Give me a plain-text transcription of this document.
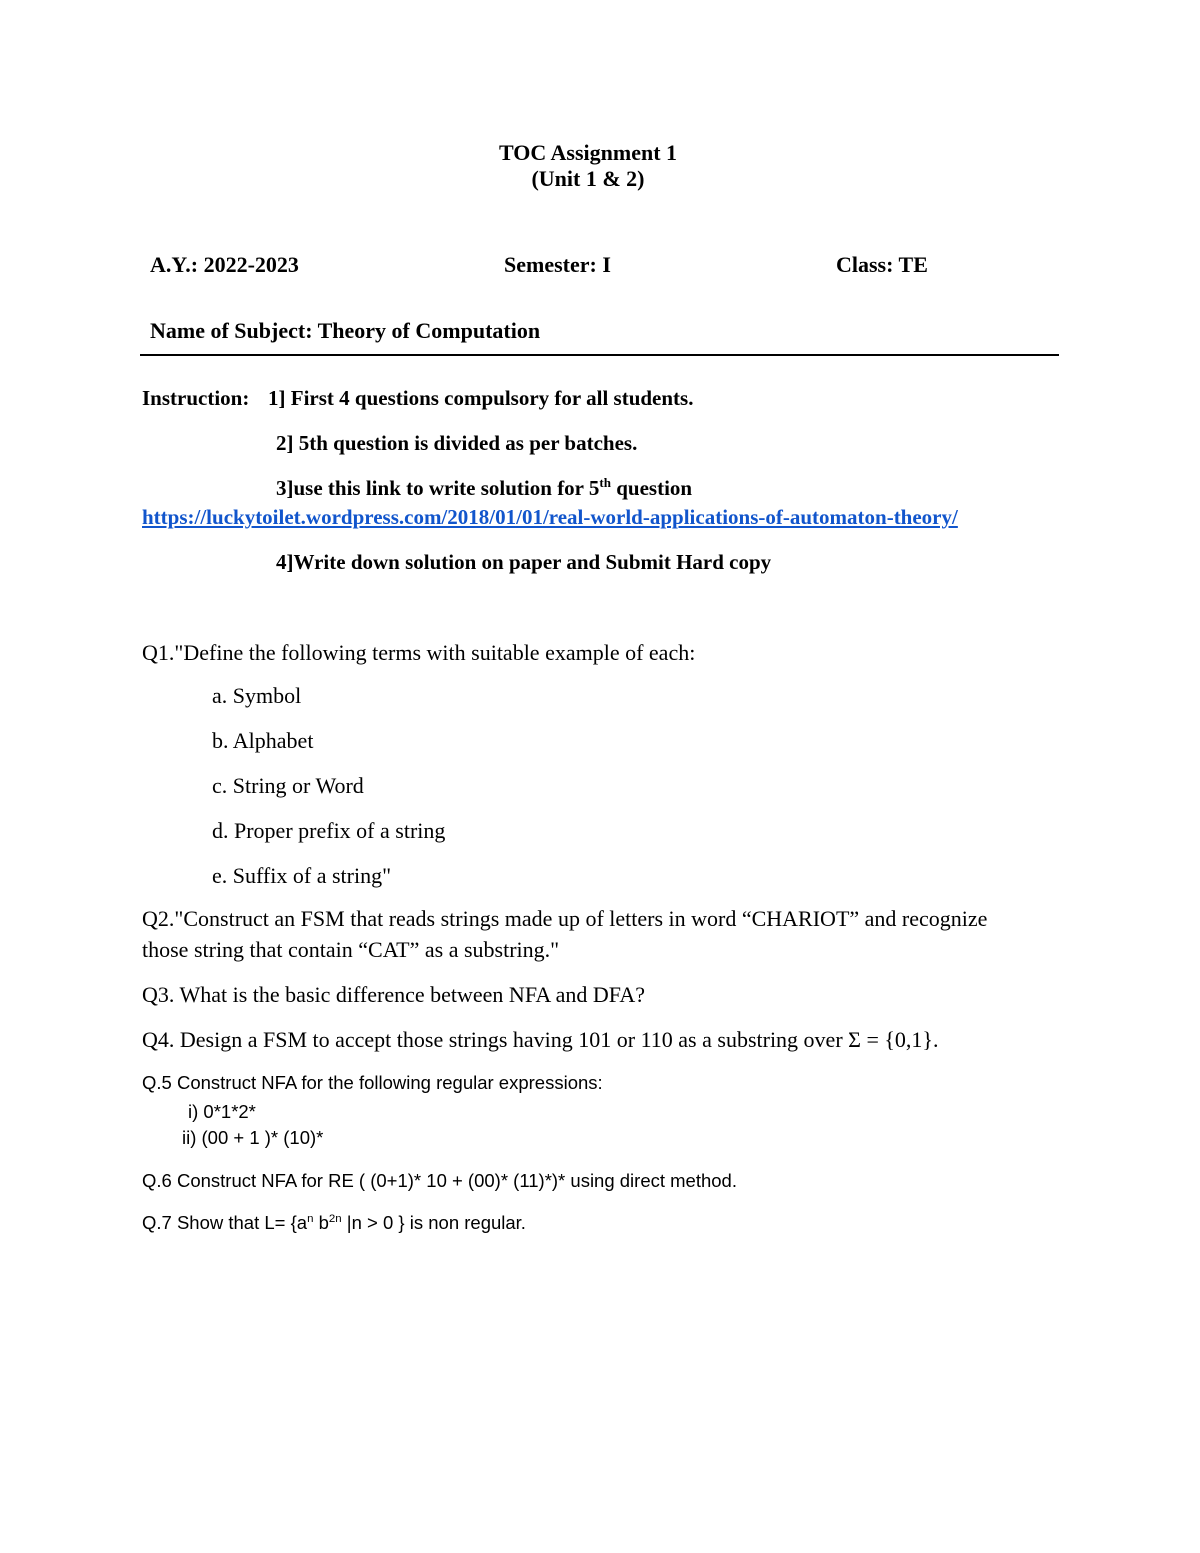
TOC Assignment 1
(Unit 1 & 2)
A.Y.: 2022-2023	Semester: I	Class: TE
Name of Subject: Theory of Computation
Instruction: 1] First 4 questions compulsory for all students.
2] 5th question is divided as per batches.
3]use this link to write solution for 5th question
https://luckytoilet.wordpress.com/2018/01/01/real-world-applications-of-automaton-theory/
4]Write down solution on paper and Submit Hard copy
Q1."Define the following terms with suitable example of each:
a. Symbol
b. Alphabet
c. String or Word
d. Proper prefix of a string
e. Suffix of a string"
Q2."Construct an FSM that reads strings made up of letters in word “CHARIOT” and recognize
those string that contain “CAT” as a substring."
Q3. What is the basic difference between NFA and DFA?
Q4. Design a FSM to accept those strings having 101 or 110 as a substring over Σ = {0,1}.
Q.5 Construct NFA for the following regular expressions:
i) 0*1*2*
ii) (00 + 1 )* (10)*
Q.6 Construct NFA for RE ( (0+1)* 10 + (00)* (11)*)* using direct method.
Q.7 Show that $L= \{a^n$ $b^{2n}$ |n > 0 } is non regular.
